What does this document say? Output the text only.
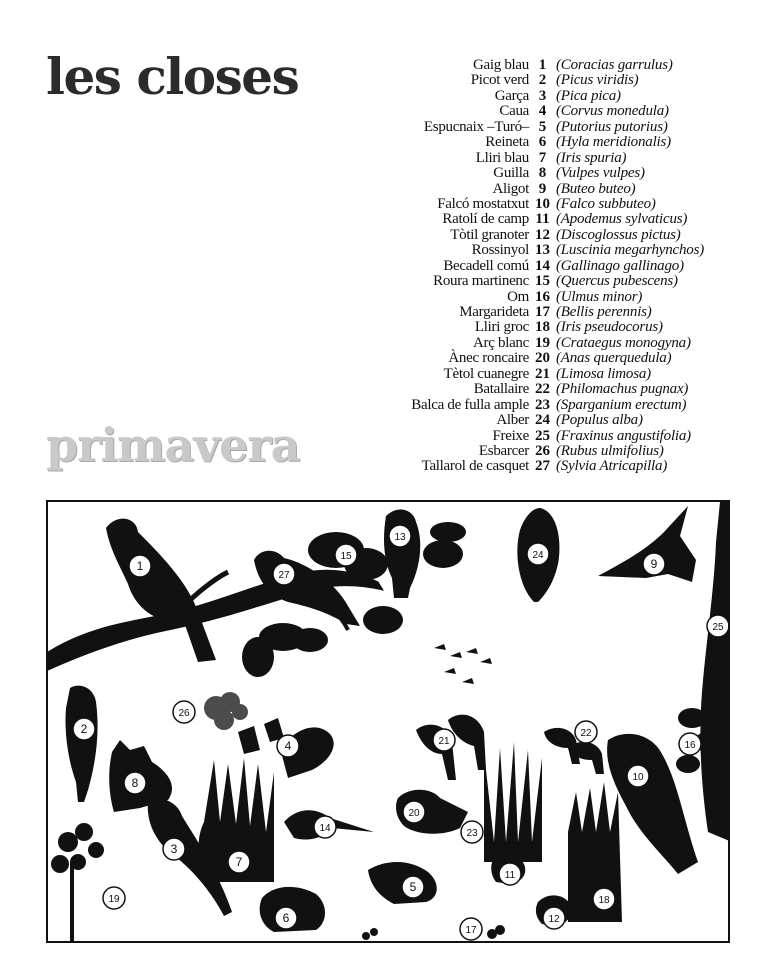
les closes
primavera
Gaig blau 1 (Coracias garrulus)
Picot verd 2 (Picus viridis)
Garça 3 (Pica pica)
Caua 4 (Corvus monedula)
Espucnaix –Turó– 5 (Putorius putorius)
Reineta 6 (Hyla meridionalis)
Lliri blau 7 (Iris spuria)
Guilla 8 (Vulpes vulpes)
Aligot 9 (Buteo buteo)
Falcó mostatxut 10 (Falco subbuteo)
Ratolí de camp 11 (Apodemus sylvaticus)
Tòtil granoter 12 (Discoglossus pictus)
Rossinyol 13 (Luscinia megarhynchos)
Becadell comú 14 (Gallinago gallinago)
Roura martinenc 15 (Quercus pubescens)
Om 16 (Ulmus minor)
Margarideta 17 (Bellis perennis)
Lliri groc 18 (Iris pseudocorus)
Arç blanc 19 (Crataegus monogyna)
Ànec roncaire 20 (Anas querquedula)
Tètol cuanegre 21 (Limosa limosa)
Batallaire 22 (Philomachus pugnax)
Balca de fulla ample 23 (Sparganium erectum)
Alber 24 (Populus alba)
Freixe 25 (Fraxinus angustifolia)
Esbarcer 26 (Rubus ulmifolius)
Tallarol de casquet 27 (Sylvia Atricapilla)
1
2
3
4
5
6
7
8
9
10
11
12
13
14
15
16
17
18
19
20
21
22
23
24
25
26
27
